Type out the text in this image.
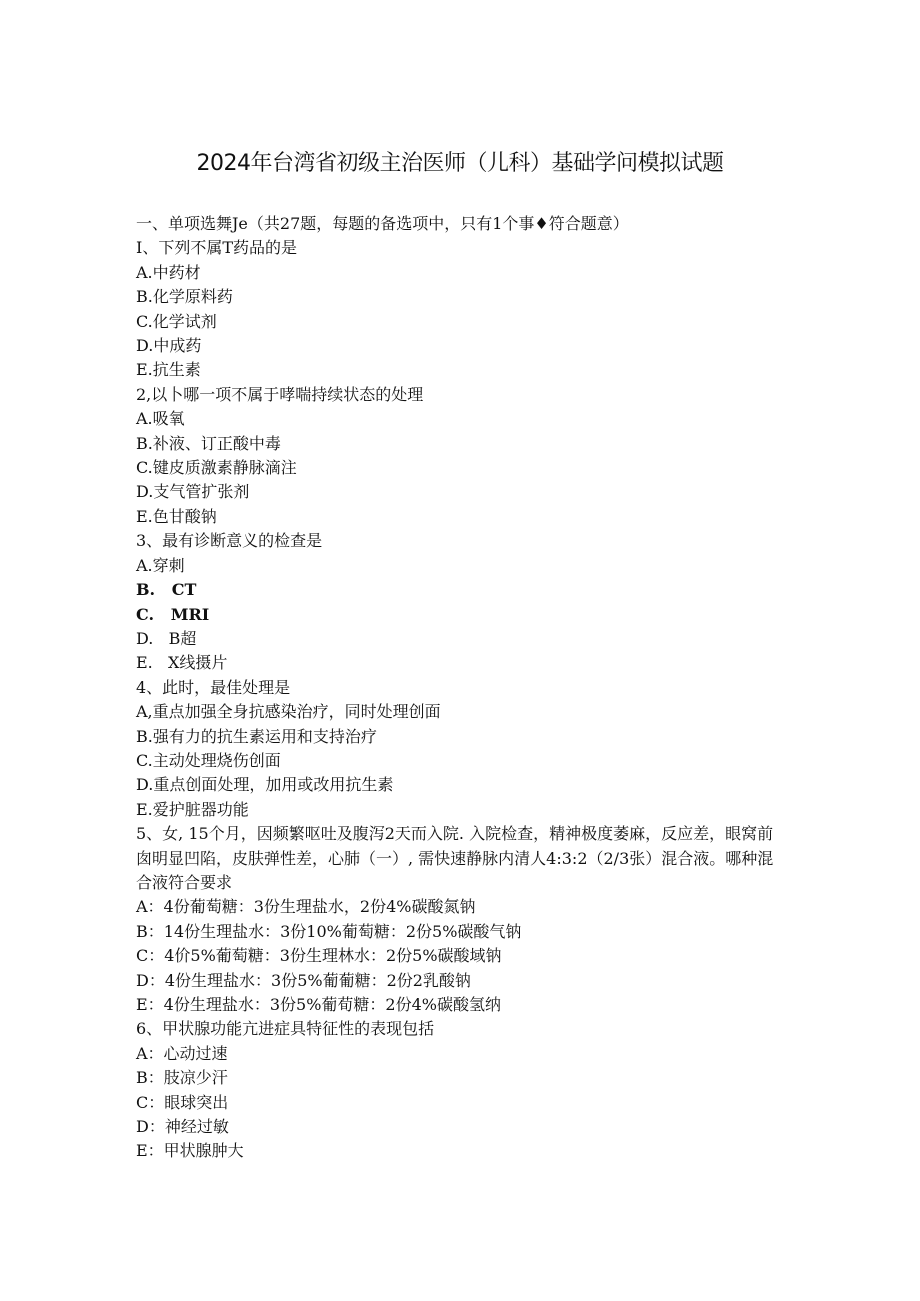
2024年台湾省初级主治医师（儿科）基础学问模拟试题
一、单项选舞Je（共27题，每题的备选项中，只有1个事♦符合题意）
I、下列不属T药品的是
A.中药材
B.化学原料药
C.化学试剂
D.中成药
E.抗生素
2,以卜哪一项不属于哮喘持续状态的处理
A.吸氧
B.补液、订正酸中毒
C.键皮质激素静脉滴注
D.支气管扩张剂
E.色甘酸钠
3、最有诊断意义的检查是
A.穿刺
B.   CT
C.   MRI
D.   B超
E.   X线摄片
4、此时，最佳处理是
A,重点加强全身抗感染治疗，同时处理创面
B.强有力的抗生素运用和支持治疗
C.主动处理烧伤创面
D.重点创面处理，加用或改用抗生素
E.爱护脏器功能
5、女, 15个月，因频繁呕吐及腹泻2天而入院. 入院检查，精神极度萎麻，反应差，眼窝前囱明显凹陷，皮肤弹性差，心肺（一）, 需快速静脉内清人4:3:2（2/3张）混合液。哪种混合液符合要求
A：4份葡萄糖：3份生理盐水，2份4%碳酸氮钠
B：14份生理盐水：3份10%葡萄糖：2份5%碳酸气钠
C：4价5%葡萄糖：3份生理林水：2份5%碳酸域钠
D：4份生理盐水：3份5%葡葡糖：2份2乳酸钠
E：4份生理盐水：3份5%葡荀糖：2份4%碳酸氢纳
6、甲状腺功能亢进症具特征性的表现包括
A：心动过速
B：肢凉少汗
C：眼球突出
D：神经过敏
E：甲状腺肿大
